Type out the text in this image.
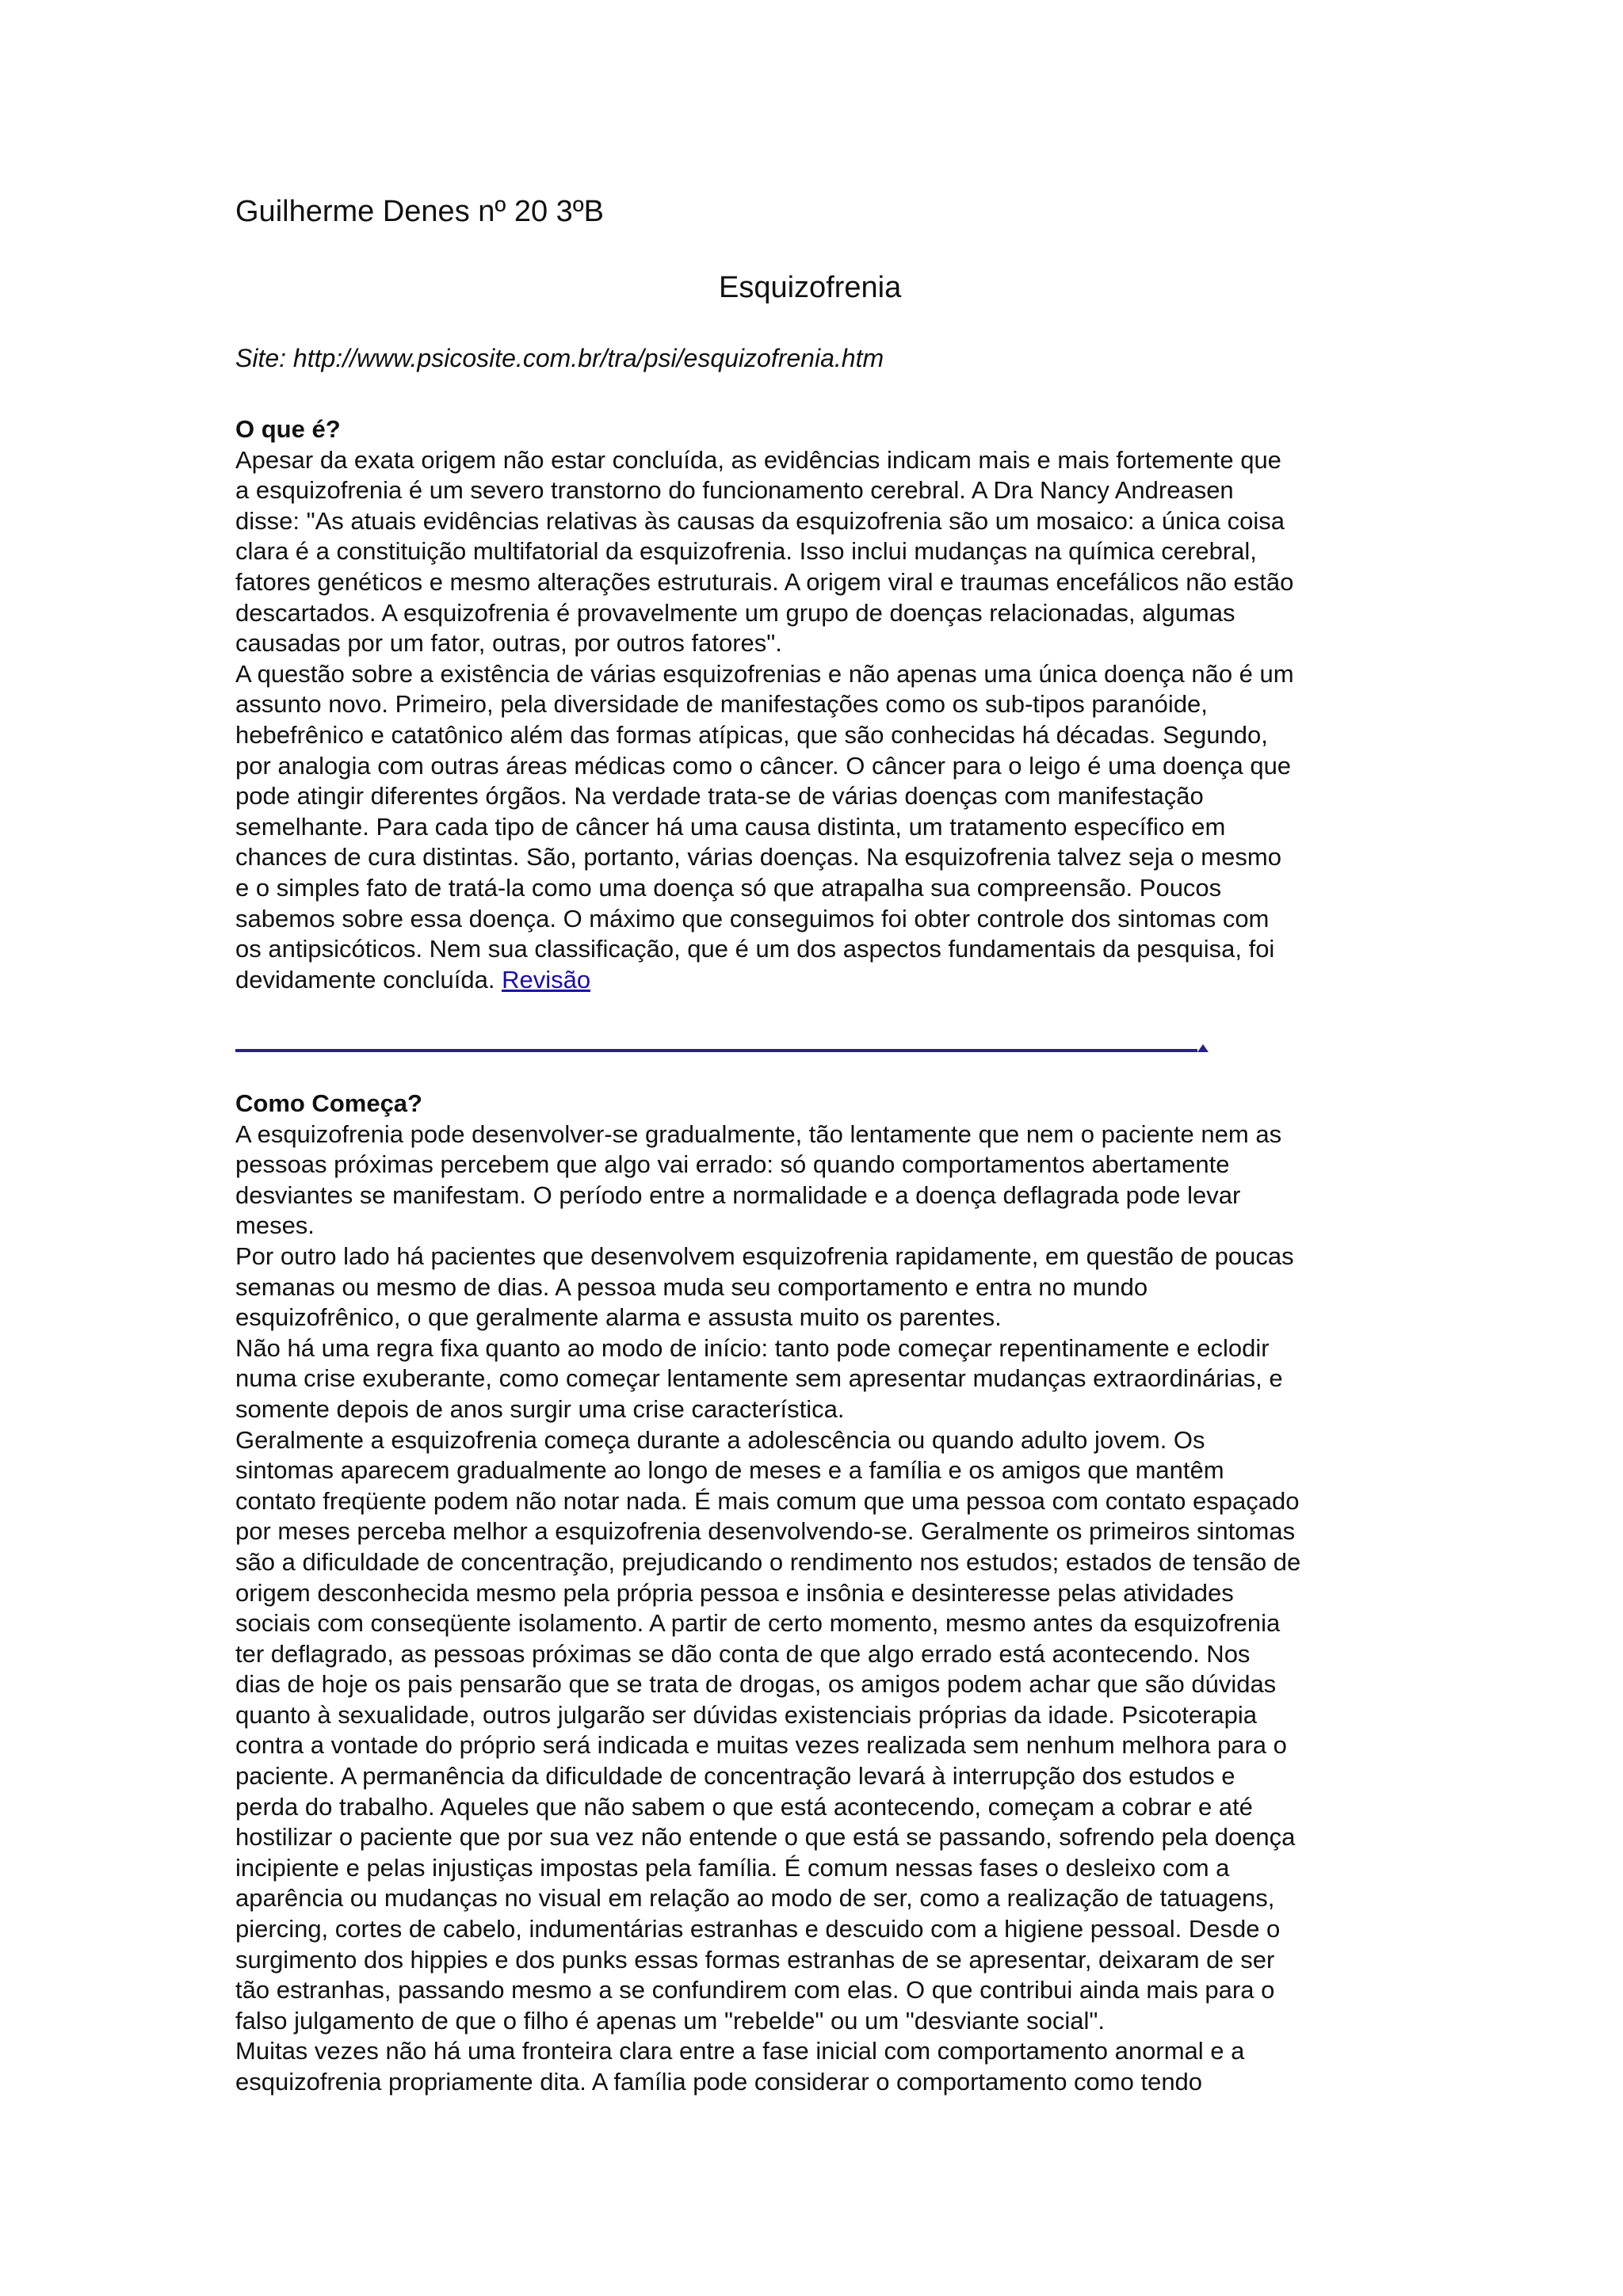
Guilherme Denes nº 20 3ºB
Esquizofrenia
Site: http://www.psicosite.com.br/tra/psi/esquizofrenia.htm

O que é?

Apesar da exata origem não estar concluída, as evidências indicam mais e mais fortemente que
a esquizofrenia é um severo transtorno do funcionamento cerebral. A Dra Nancy Andreasen
disse: "As atuais evidências relativas às causas da esquizofrenia são um mosaico: a única coisa
clara é a constituição multifatorial da esquizofrenia. Isso inclui mudanças na química cerebral,
fatores genéticos e mesmo alterações estruturais. A origem viral e traumas encefálicos não estão
descartados. A esquizofrenia é provavelmente um grupo de doenças relacionadas, algumas
causadas por um fator, outras, por outros fatores".
A questão sobre a existência de várias esquizofrenias e não apenas uma única doença não é um
assunto novo. Primeiro, pela diversidade de manifestações como os sub-tipos paranóide,
hebefrênico e catatônico além das formas atípicas, que são conhecidas há décadas. Segundo,
por analogia com outras áreas médicas como o câncer. O câncer para o leigo é uma doença que
pode atingir diferentes órgãos. Na verdade trata-se de várias doenças com manifestação
semelhante. Para cada tipo de câncer há uma causa distinta, um tratamento específico em
chances de cura distintas. São, portanto, várias doenças. Na esquizofrenia talvez seja o mesmo
e o simples fato de tratá-la como uma doença só que atrapalha sua compreensão. Poucos
sabemos sobre essa doença. O máximo que conseguimos foi obter controle dos sintomas com
os antipsicóticos. Nem sua classificação, que é um dos aspectos fundamentais da pesquisa, foi
devidamente concluída. Revisão

Como Começa?

A esquizofrenia pode desenvolver-se gradualmente, tão lentamente que nem o paciente nem as
pessoas próximas percebem que algo vai errado: só quando comportamentos abertamente
desviantes se manifestam. O período entre a normalidade e a doença deflagrada pode levar
meses.
Por outro lado há pacientes que desenvolvem esquizofrenia rapidamente, em questão de poucas
semanas ou mesmo de dias. A pessoa muda seu comportamento e entra no mundo
esquizofrênico, o que geralmente alarma e assusta muito os parentes.
Não há uma regra fixa quanto ao modo de início: tanto pode começar repentinamente e eclodir
numa crise exuberante, como começar lentamente sem apresentar mudanças extraordinárias, e
somente depois de anos surgir uma crise característica.
Geralmente a esquizofrenia começa durante a adolescência ou quando adulto jovem. Os
sintomas aparecem gradualmente ao longo de meses e a família e os amigos que mantêm
contato freqüente podem não notar nada. É mais comum que uma pessoa com contato espaçado
por meses perceba melhor a esquizofrenia desenvolvendo-se. Geralmente os primeiros sintomas
são a dificuldade de concentração, prejudicando o rendimento nos estudos; estados de tensão de
origem desconhecida mesmo pela própria pessoa e insônia e desinteresse pelas atividades
sociais com conseqüente isolamento. A partir de certo momento, mesmo antes da esquizofrenia
ter deflagrado, as pessoas próximas se dão conta de que algo errado está acontecendo. Nos
dias de hoje os pais pensarão que se trata de drogas, os amigos podem achar que são dúvidas
quanto à sexualidade, outros julgarão ser dúvidas existenciais próprias da idade. Psicoterapia
contra a vontade do próprio será indicada e muitas vezes realizada sem nenhum melhora para o
paciente. A permanência da dificuldade de concentração levará à interrupção dos estudos e
perda do trabalho. Aqueles que não sabem o que está acontecendo, começam a cobrar e até
hostilizar o paciente que por sua vez não entende o que está se passando, sofrendo pela doença
incipiente e pelas injustiças impostas pela família. É comum nessas fases o desleixo com a
aparência ou mudanças no visual em relação ao modo de ser, como a realização de tatuagens,
piercing, cortes de cabelo, indumentárias estranhas e descuido com a higiene pessoal. Desde o
surgimento dos hippies e dos punks essas formas estranhas de se apresentar, deixaram de ser
tão estranhas, passando mesmo a se confundirem com elas. O que contribui ainda mais para o
falso julgamento de que o filho é apenas um "rebelde" ou um "desviante social".
Muitas vezes não há uma fronteira clara entre a fase inicial com comportamento anormal e a
esquizofrenia propriamente dita. A família pode considerar o comportamento como tendo
